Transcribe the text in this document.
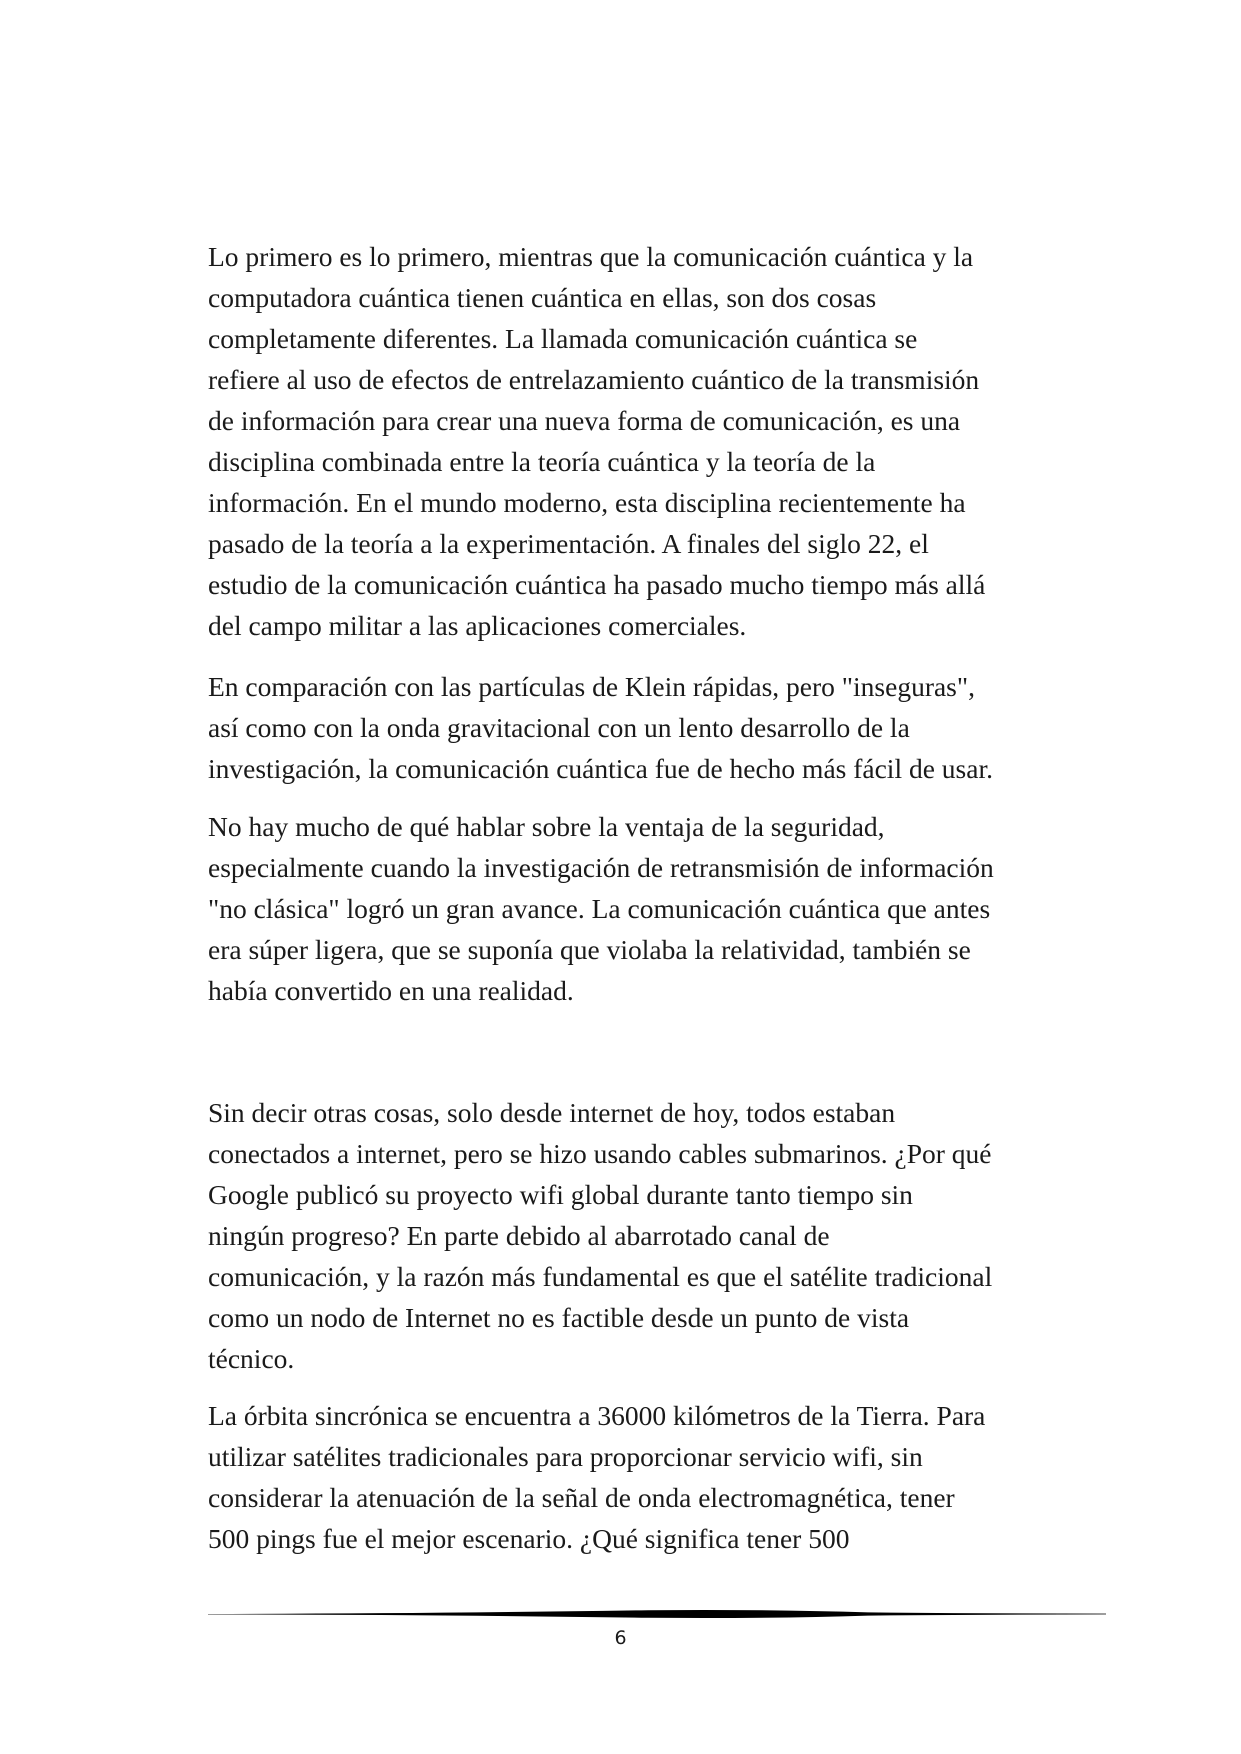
Lo primero es lo primero, mientras que la comunicación cuántica y la
computadora cuántica tienen cuántica en ellas, son dos cosas
completamente diferentes. La llamada comunicación cuántica se
refiere al uso de efectos de entrelazamiento cuántico de la transmisión
de información para crear una nueva forma de comunicación, es una
disciplina combinada entre la teoría cuántica y la teoría de la
información. En el mundo moderno, esta disciplina recientemente ha
pasado de la teoría a la experimentación. A finales del siglo 22, el
estudio de la comunicación cuántica ha pasado mucho tiempo más allá
del campo militar a las aplicaciones comerciales.

En comparación con las partículas de Klein rápidas, pero "inseguras",
así como con la onda gravitacional con un lento desarrollo de la
investigación, la comunicación cuántica fue de hecho más fácil de usar.

No hay mucho de qué hablar sobre la ventaja de la seguridad,
especialmente cuando la investigación de retransmisión de información
"no clásica" logró un gran avance. La comunicación cuántica que antes
era súper ligera, que se suponía que violaba la relatividad, también se
había convertido en una realidad.

Sin decir otras cosas, solo desde internet de hoy, todos estaban
conectados a internet, pero se hizo usando cables submarinos. ¿Por qué
Google publicó su proyecto wifi global durante tanto tiempo sin
ningún progreso? En parte debido al abarrotado canal de
comunicación, y la razón más fundamental es que el satélite tradicional
como un nodo de Internet no es factible desde un punto de vista
técnico.

La órbita sincrónica se encuentra a 36000 kilómetros de la Tierra. Para
utilizar satélites tradicionales para proporcionar servicio wifi, sin
considerar la atenuación de la señal de onda electromagnética, tener
500 pings fue el mejor escenario. ¿Qué significa tener 500

6
